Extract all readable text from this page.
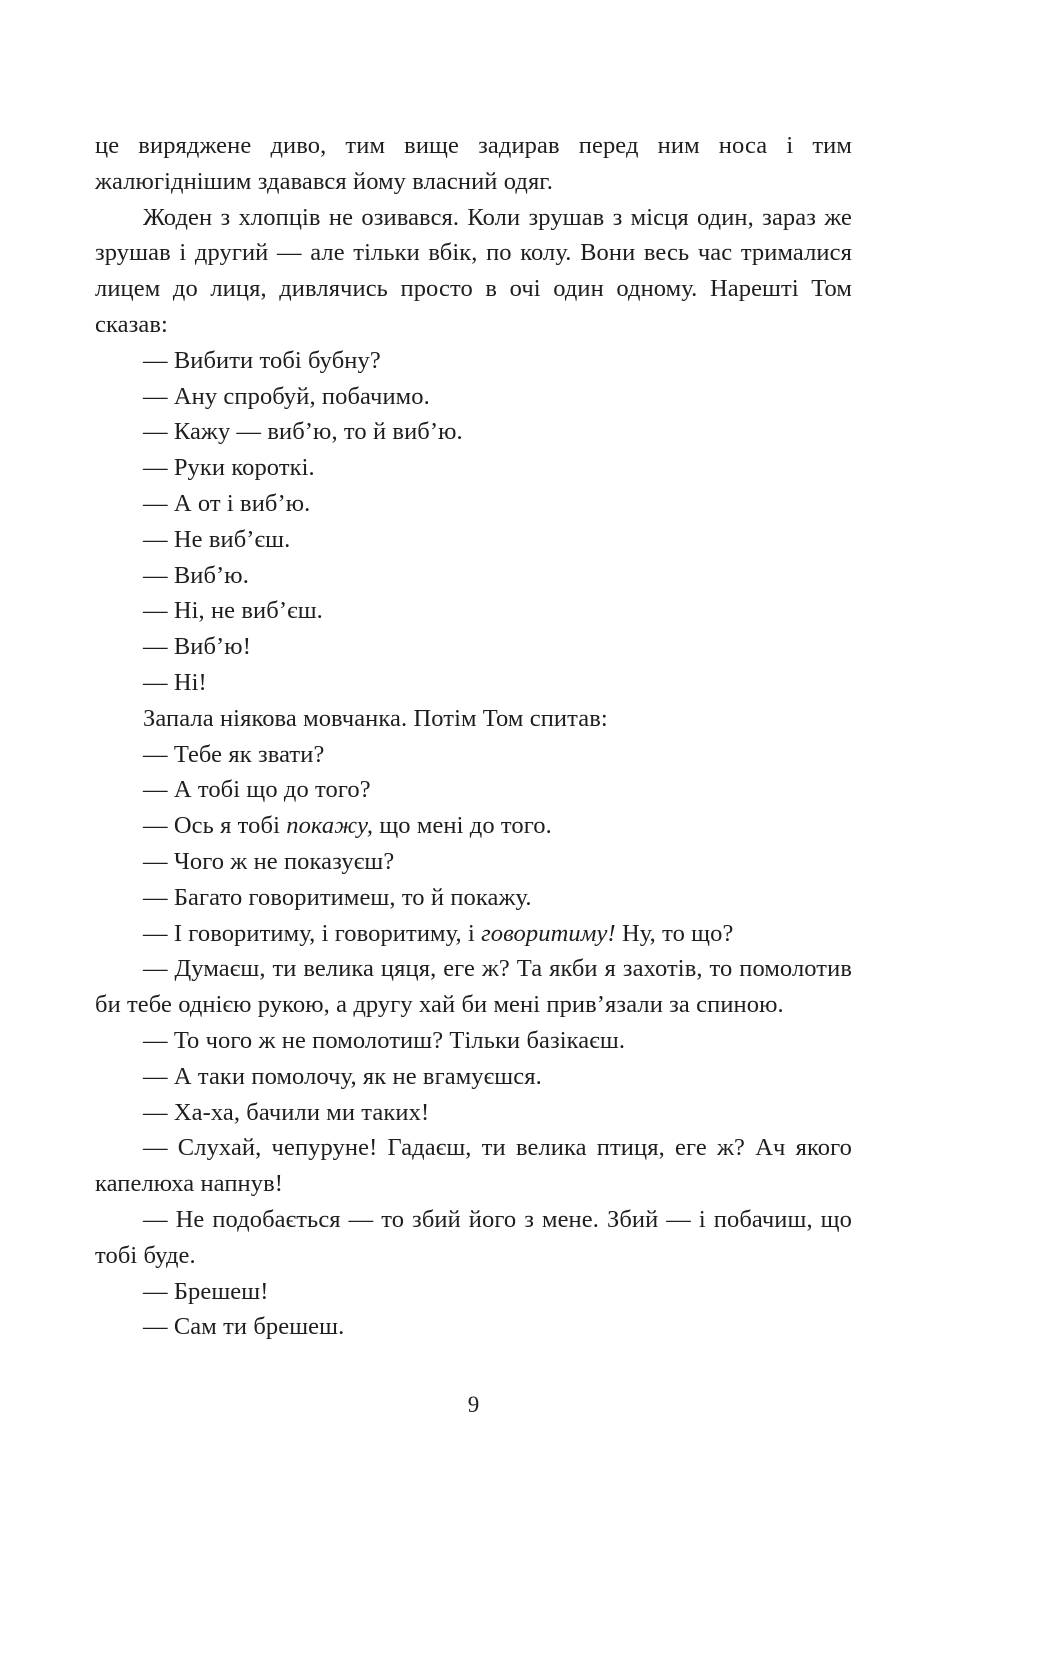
це виряджене диво, тим вище задирав перед ним носа і тим жалюгіднішим здавався йому власний одяг.

Жоден з хлопців не озивався. Коли зрушав з місця один, зараз же зрушав і другий — але тільки вбік, по колу. Вони весь час трималися лицем до лиця, дивлячись просто в очі один одному. Нарешті Том сказав:

— Вибити тобі бубну?

— Ану спробуй, побачимо.

— Кажу — виб’ю, то й виб’ю.

— Руки короткі.

— А от і виб’ю.

— Не виб’єш.

— Виб’ю.

— Ні, не виб’єш.

— Виб’ю!

— Ні!

Запала ніякова мовчанка. Потім Том спитав:

— Тебе як звати?

— А тобі що до того?

— Ось я тобі покажу, що мені до того.

— Чого ж не показуєш?

— Багато говоритимеш, то й покажу.

— І говоритиму, і говоритиму, і говоритиму! Ну, то що?

— Думаєш, ти велика цяця, еге ж? Та якби я захотів, то помолотив би тебе однією рукою, а другу хай би мені прив’язали за спиною.

— То чого ж не помолотиш? Тільки базікаєш.

— А таки помолочу, як не вгамуєшся.

— Ха-ха, бачили ми таких!

— Слухай, чепуруне! Гадаєш, ти велика птиця, еге ж? Ач якого капелюха напнув!

— Не подобається — то збий його з мене. Збий — і побачиш, що тобі буде.

— Брешеш!

— Сам ти брешеш.

9
